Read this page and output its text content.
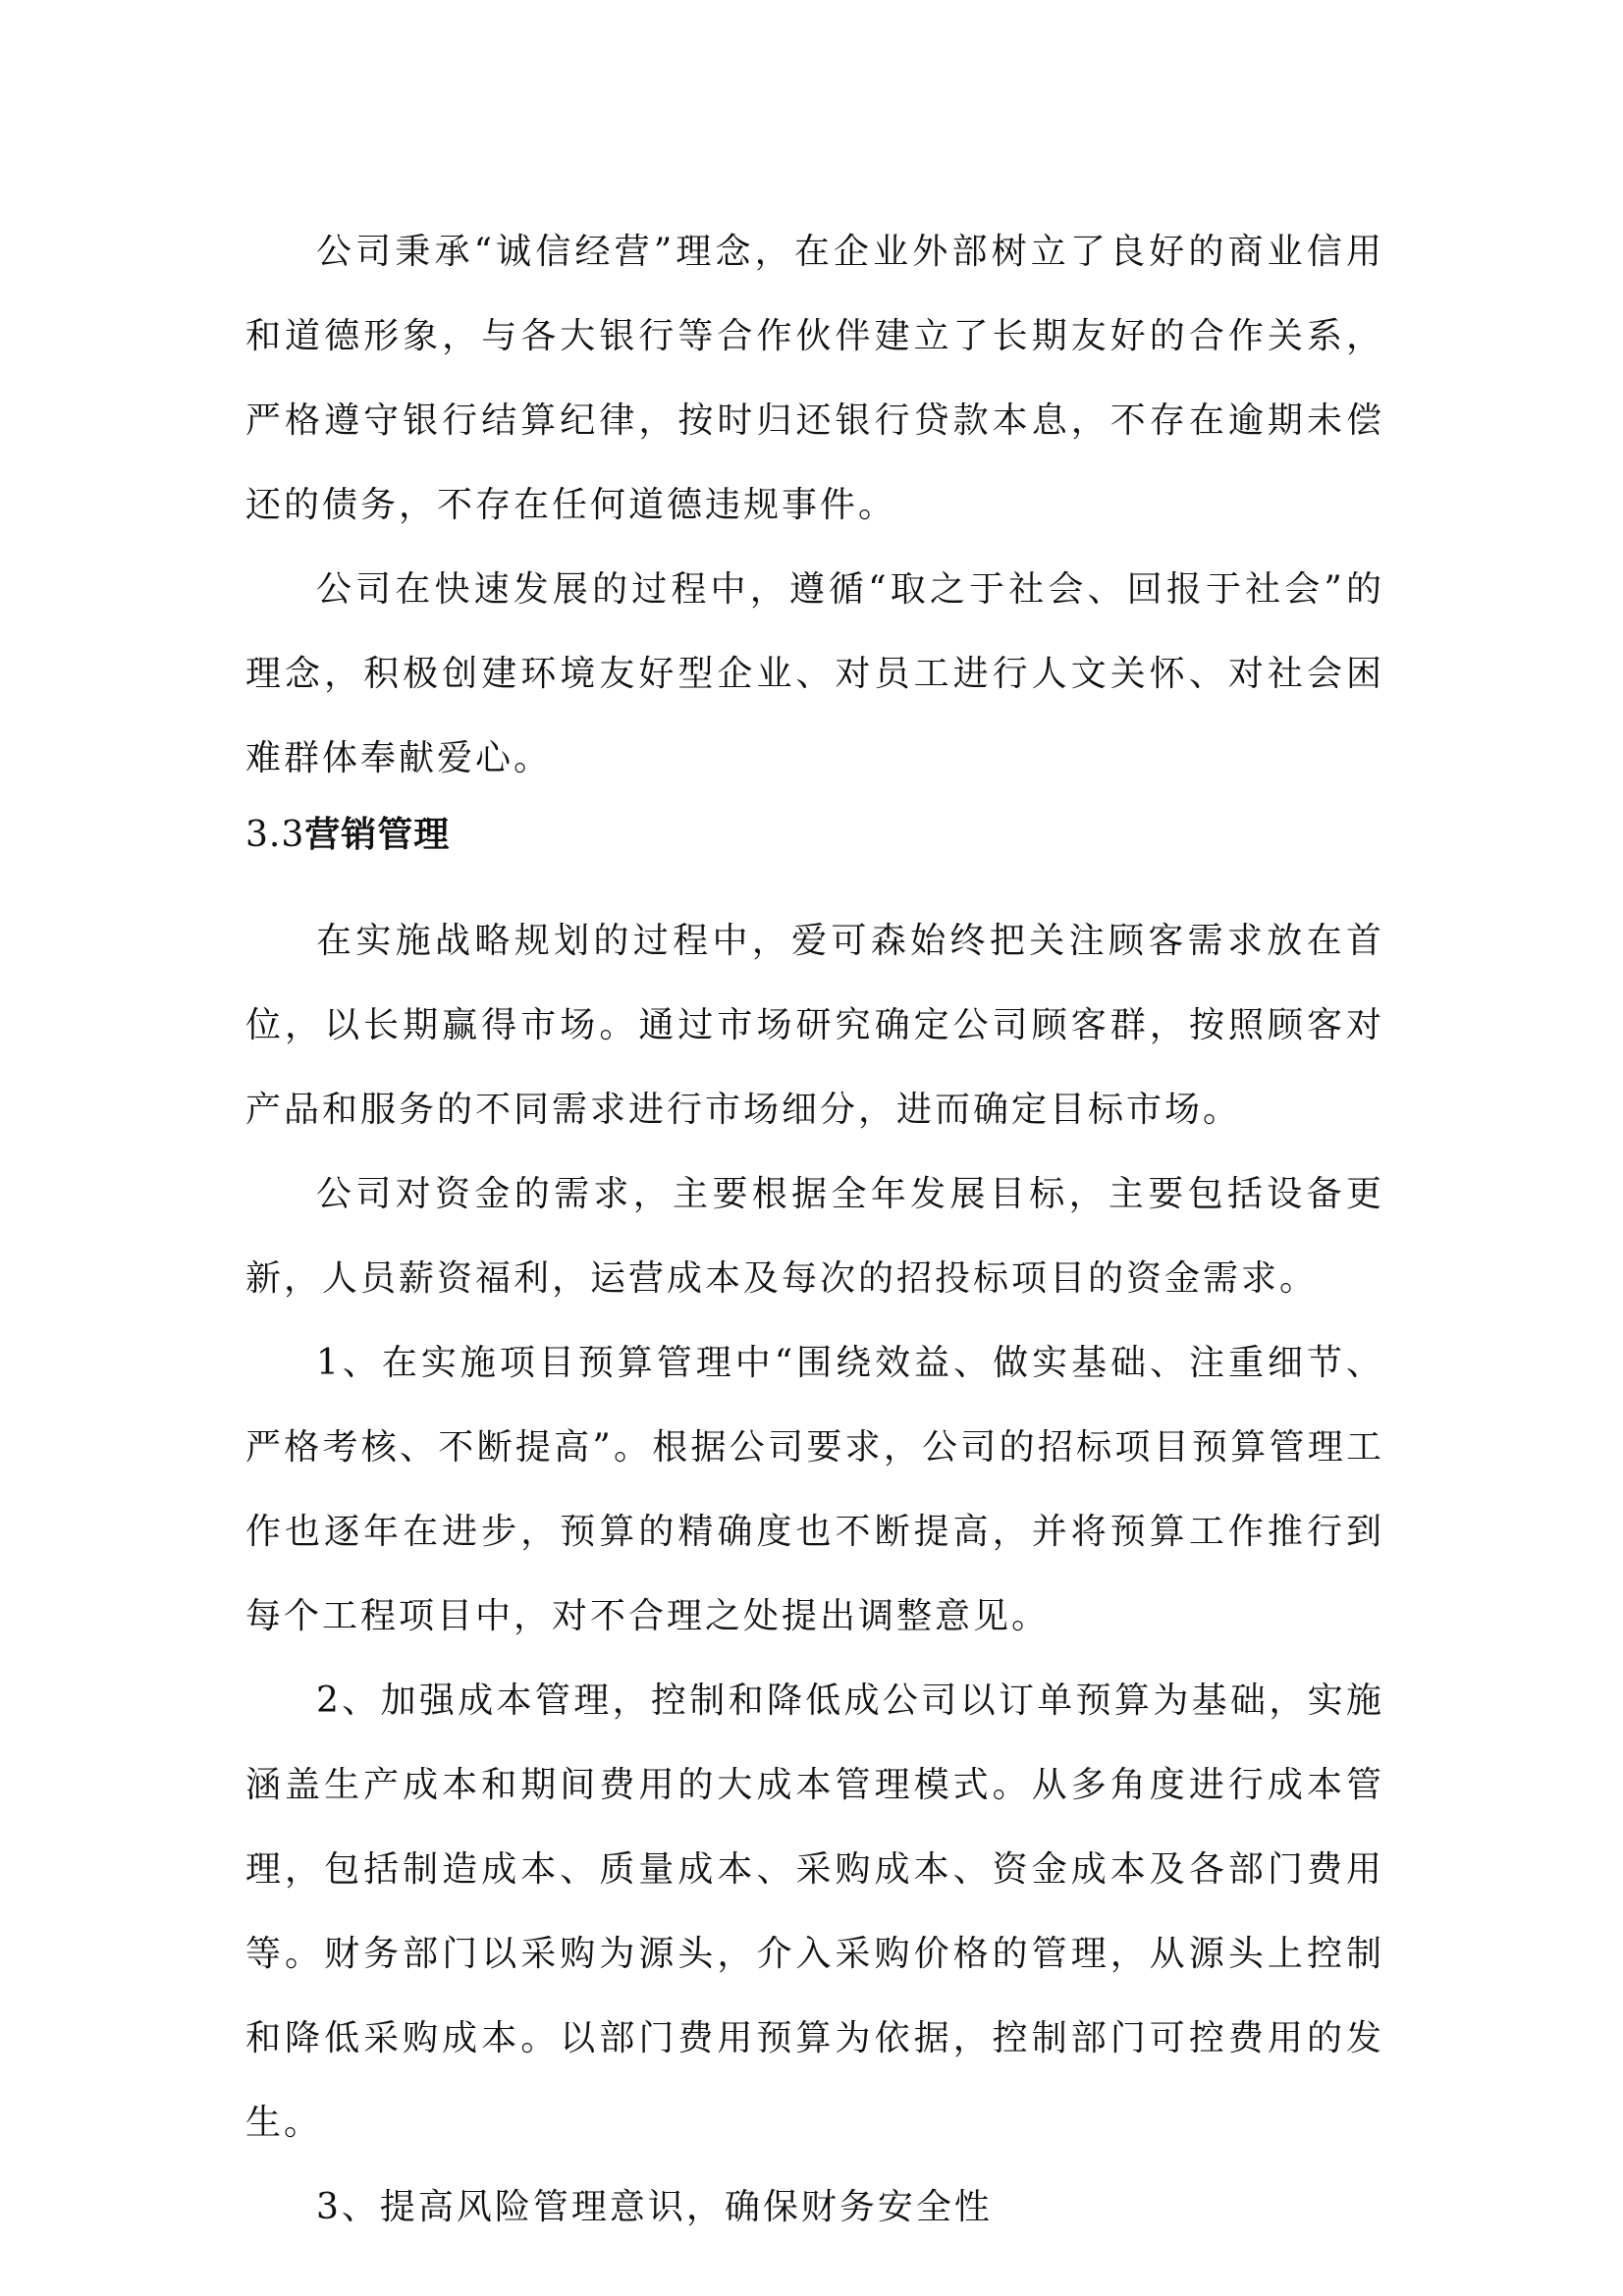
公司秉承“诚信经营”理念，在企业外部树立了良好的商业信用和道德形象，与各大银行等合作伙伴建立了长期友好的合作关系，严格遵守银行结算纪律，按时归还银行贷款本息，不存在逾期未偿还的债务，不存在任何道德违规事件。

公司在快速发展的过程中，遵循“取之于社会、回报于社会”的理念，积极创建环境友好型企业、对员工进行人文关怀、对社会困难群体奉献爱心。

3.3营销管理

在实施战略规划的过程中，爱可森始终把关注顾客需求放在首位，以长期赢得市场。通过市场研究确定公司顾客群，按照顾客对产品和服务的不同需求进行市场细分，进而确定目标市场。

公司对资金的需求，主要根据全年发展目标，主要包括设备更新，人员薪资福利，运营成本及每次的招投标项目的资金需求。

1、在实施项目预算管理中“围绕效益、做实基础、注重细节、严格考核、不断提高”。根据公司要求，公司的招标项目预算管理工作也逐年在进步，预算的精确度也不断提高，并将预算工作推行到每个工程项目中，对不合理之处提出调整意见。

2、加强成本管理，控制和降低成公司以订单预算为基础，实施涵盖生产成本和期间费用的大成本管理模式。从多角度进行成本管理，包括制造成本、质量成本、采购成本、资金成本及各部门费用等。财务部门以采购为源头，介入采购价格的管理，从源头上控制和降低采购成本。以部门费用预算为依据，控制部门可控费用的发生。

3、提高风险管理意识，确保财务安全性
